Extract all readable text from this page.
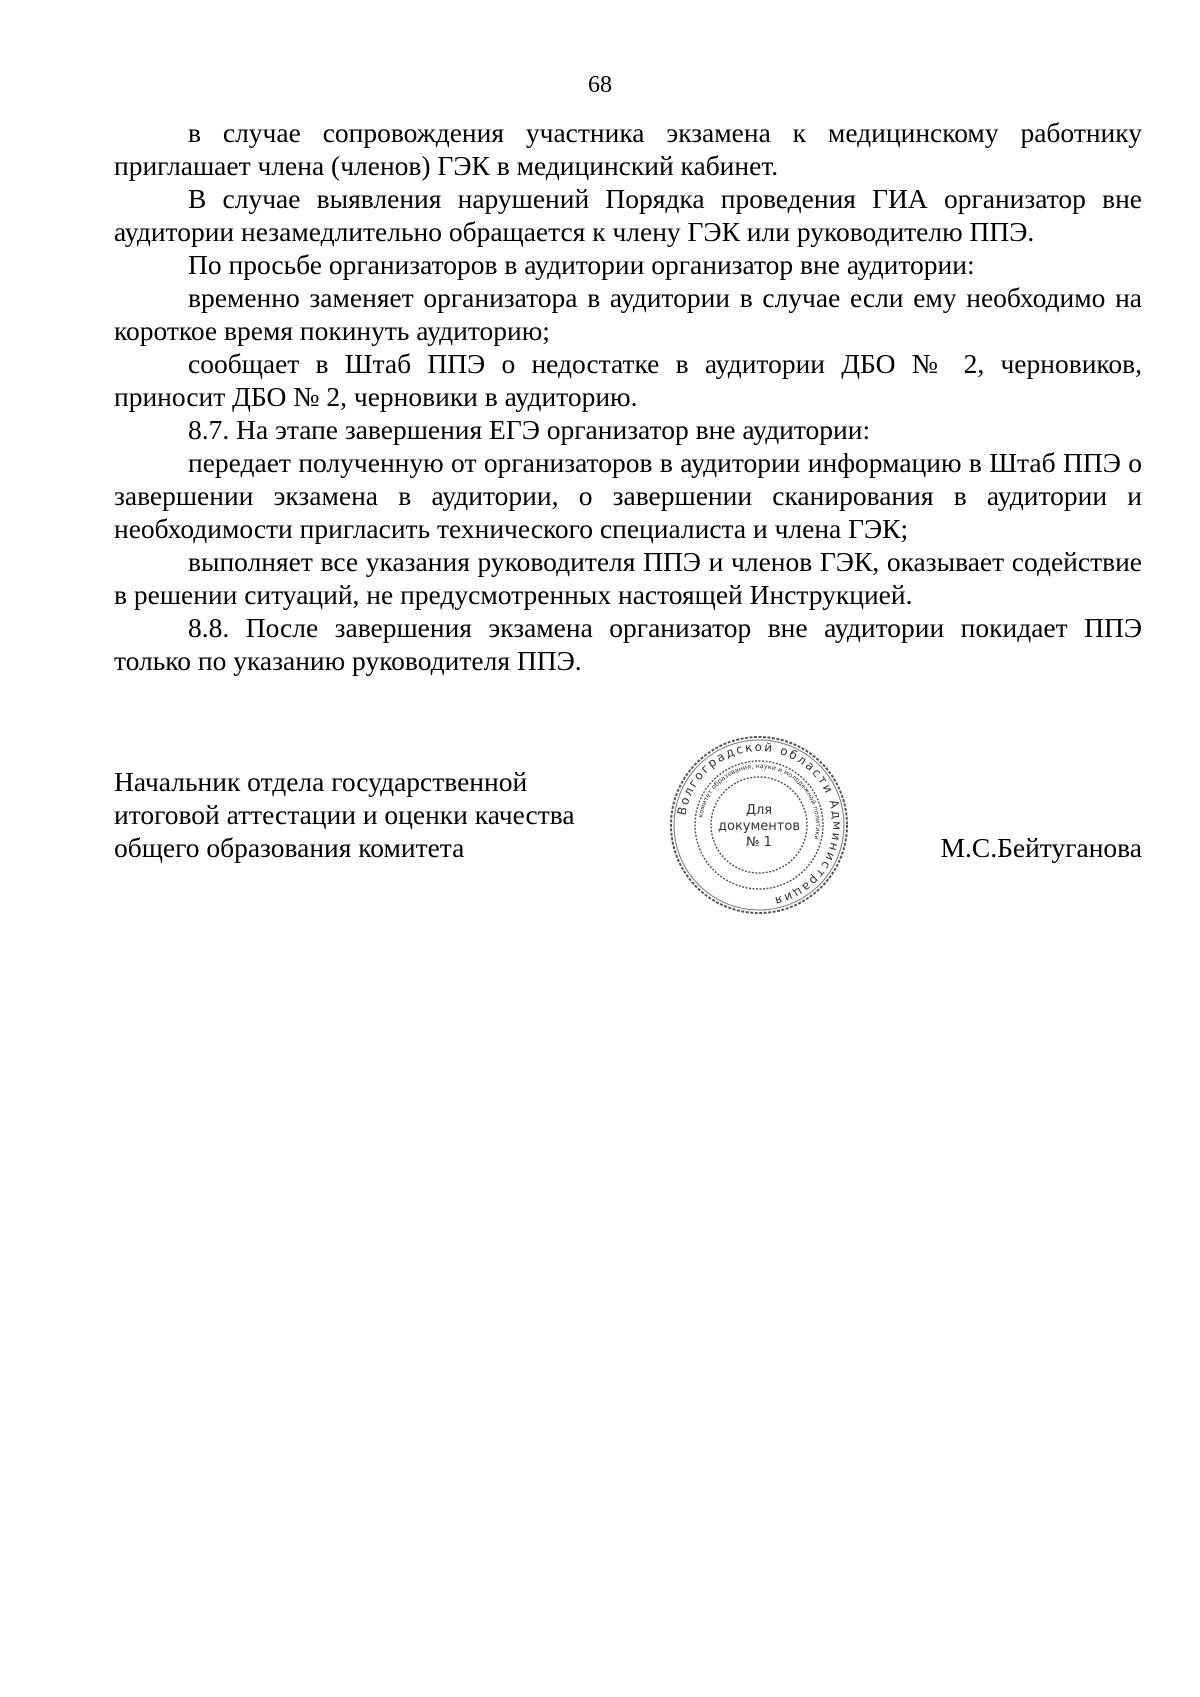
68

в случае сопровождения участника экзамена к медицинскому работнику приглашает члена (членов) ГЭК в медицинский кабинет.

В случае выявления нарушений Порядка проведения ГИА организатор вне аудитории незамедлительно обращается к члену ГЭК или руководителю ППЭ.

По просьбе организаторов в аудитории организатор вне аудитории:

временно заменяет организатора в аудитории в случае если ему необходимо на короткое время покинуть аудиторию;

сообщает в Штаб ППЭ о недостатке в аудитории ДБО № 2, черновиков, приносит ДБО № 2, черновики в аудиторию.

8.7. На этапе завершения ЕГЭ организатор вне аудитории:

передает полученную от организаторов в аудитории информацию в Штаб ППЭ о завершении экзамена в аудитории, о завершении сканирования в аудитории и необходимости пригласить технического специалиста и члена ГЭК;

выполняет все указания руководителя ППЭ и членов ГЭК, оказывает содействие в решении ситуаций, не предусмотренных настоящей Инструкцией.

8.8. После завершения экзамена организатор вне аудитории покидает ППЭ только по указанию руководителя ППЭ.

Начальник отдела государственной
итоговой аттестации и оценки качества
общего образования комитета
Волгоградской области Администрация
комитет образования, науки и молодежной политики
Для
документов
№ 1	М.С.Бейтуганова
